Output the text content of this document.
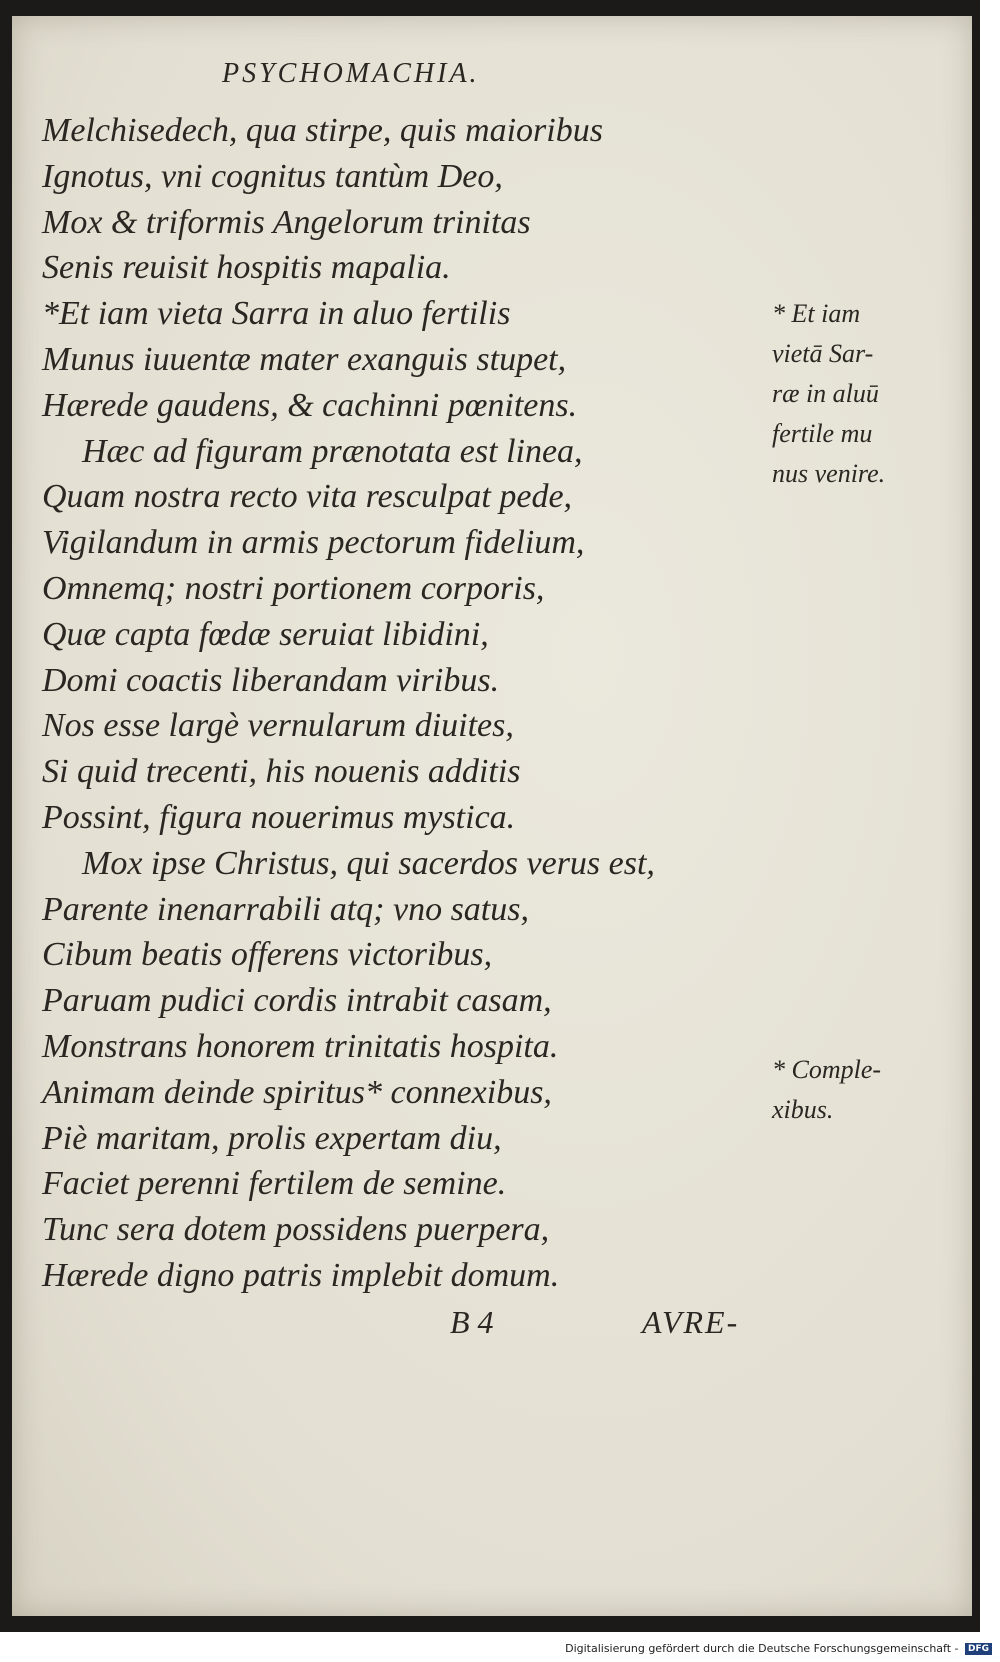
PSYCHOMACHIA.
Melchisedech, qua stirpe, quis maioribus
Ignotus, vni cognitus tantùm Deo,
Mox & triformis Angelorum trinitas
Senis reuisit hospitis mapalia.
*Et iam vieta Sarra in aluo fertilis
Munus iuuentæ mater exanguis stupet,
Hærede gaudens, & cachinni pœnitens.
Hæc ad figuram prænotata est linea,
Quam nostra recto vita resculpat pede,
Vigilandum in armis pectorum fidelium,
Omnemq; nostri portionem corporis,
Quæ capta fœdæ seruiat libidini,
Domi coactis liberandam viribus.
Nos esse largè vernularum diuites,
Si quid trecenti, his nouenis additis
Possint, figura nouerimus mystica.
Mox ipse Christus, qui sacerdos verus est,
Parente inenarrabili atq; vno satus,
Cibum beatis offerens victoribus,
Paruam pudici cordis intrabit casam,
Monstrans honorem trinitatis hospita.
Animam deinde spiritus* connexibus,
Piè maritam, prolis expertam diu,
Faciet perenni fertilem de semine.
Tunc sera dotem possidens puerpera,
Hærede digno patris implebit domum.
* Et iam
vietā Sar-
ræ in aluū
fertile mu
nus venire.
* Comple-
xibus.
B 4	AVRE-
Digitalisierung gefördert durch die Deutsche Forschungsgemeinschaft - DFG
